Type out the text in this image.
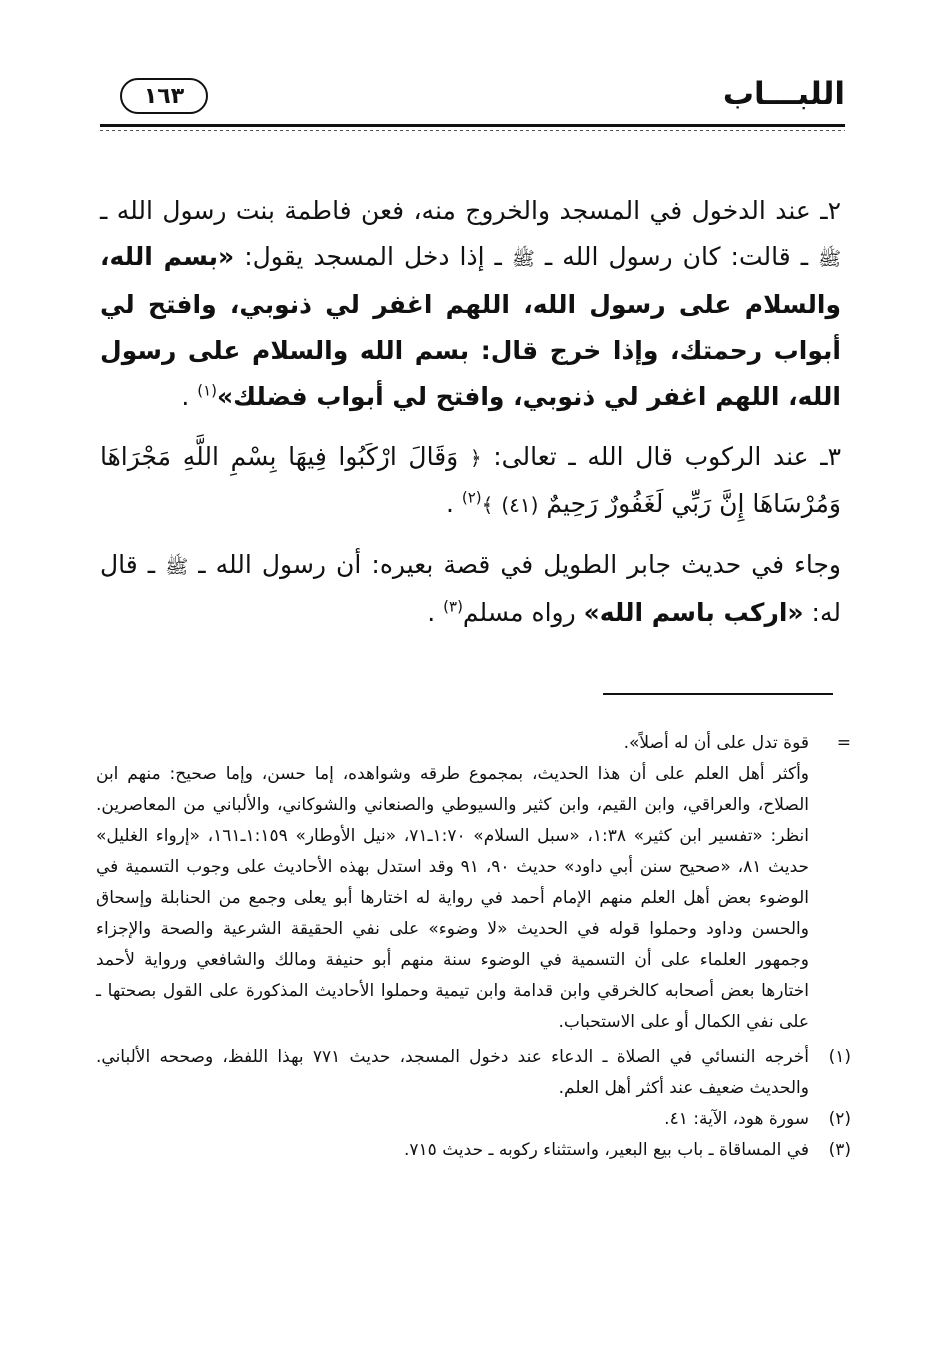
اللبـــاب
١٦٣

٢ـ عند الدخول في المسجد والخروج منه، فعن فاطمة بنت رسول الله ـ ﷺ ـ قالت: كان رسول الله ـ ﷺ ـ إذا دخل المسجد يقول: «بسم الله، والسلام على رسول الله، اللهم اغفر لي ذنوبي، وافتح لي أبواب رحمتك، وإذا خرج قال: بسم الله والسلام على رسول الله، اللهم اغفر لي ذنوبي، وافتح لي أبواب فضلك»$^{(١)}$ .

٣ـ عند الركوب قال الله ـ تعالى: ﴿ وَقَالَ ارْكَبُوا فِيهَا بِسْمِ اللَّهِ مَجْرَاهَا وَمُرْسَاهَا إِنَّ رَبِّي لَغَفُورٌ رَحِيمٌ (٤١) ﴾$^{(٢)}$ .

وجاء في حديث جابر الطويل في قصة بعيره: أن رسول الله ـ ﷺ ـ قال له: «اركب باسم الله» رواه مسلم$^{(٣)}$ .

=

قوة تدل على أن له أصلاً».
وأكثر أهل العلم على أن هذا الحديث، بمجموع طرقه وشواهده، إما حسن، وإما صحيح: منهم ابن الصلاح، والعراقي، وابن القيم، وابن كثير والسيوطي والصنعاني والشوكاني، والألباني من المعاصرين. انظر: «تفسير ابن كثير» ١:٣٨، «سبل السلام» ١:٧٠ـ٧١، «نيل الأوطار» ١:١٥٩ـ١٦١، «إرواء الغليل» حديث ٨١، «صحيح سنن أبي داود» حديث ٩٠، ٩١ وقد استدل بهذه الأحاديث على وجوب التسمية في الوضوء بعض أهل العلم منهم الإمام أحمد في رواية له اختارها أبو يعلى وجمع من الحنابلة وإسحاق والحسن وداود وحملوا قوله في الحديث «لا وضوء» على نفي الحقيقة الشرعية والصحة والإجزاء وجمهور العلماء على أن التسمية في الوضوء سنة منهم أبو حنيفة ومالك والشافعي ورواية لأحمد اختارها بعض أصحابه كالخرقي وابن قدامة وابن تيمية وحملوا الأحاديث المذكورة على القول بصحتها ـ على نفي الكمال أو على الاستحباب.

(١)

أخرجه النسائي في الصلاة ـ الدعاء عند دخول المسجد، حديث ٧٧١ بهذا اللفظ، وصححه الألباني. والحديث ضعيف عند أكثر أهل العلم.

(٢)

سورة هود، الآية: ٤١.

(٣)

في المساقاة ـ باب بيع البعير، واستثناء ركوبه ـ حديث ٧١٥.
